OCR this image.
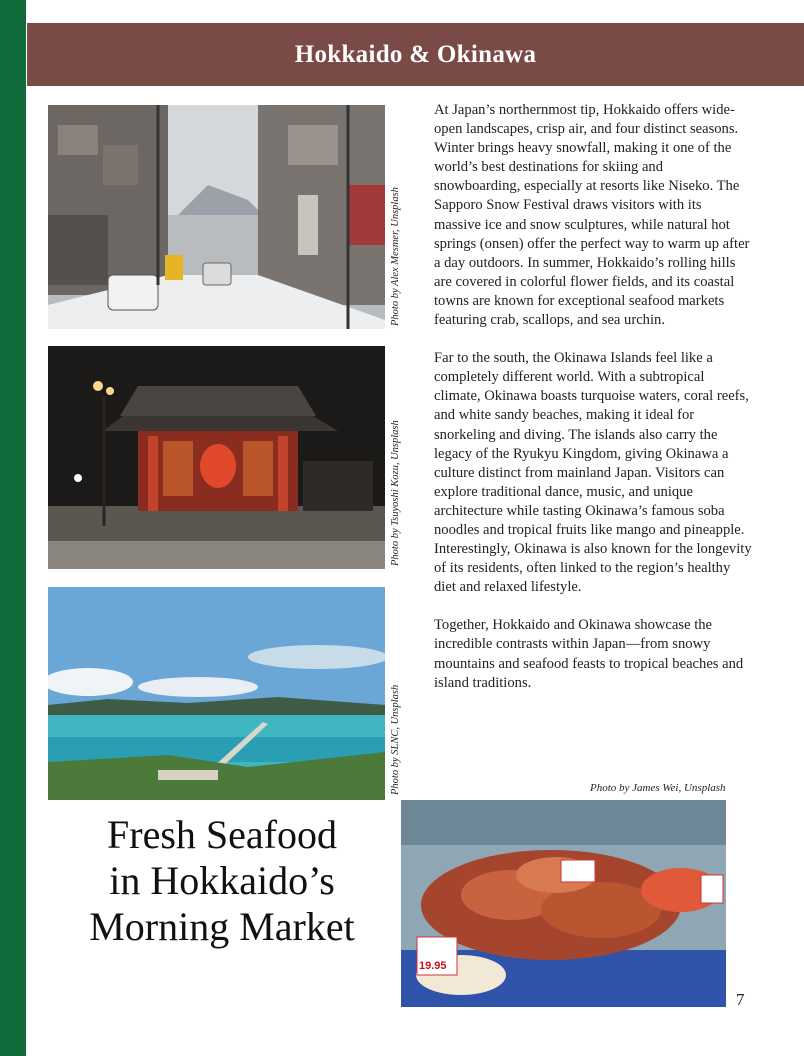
Hokkaido & Okinawa
Photo by Alex Mesmer, Unsplash
Photo by Tsuyoshi Kozu, Unsplash
Photo by SLNC, Unsplash

At Japan’s northernmost tip, Hokkaido offers wide-open landscapes, crisp air, and four distinct seasons. Winter brings heavy snowfall, making it one of the world’s best destinations for skiing and snowboarding, especially at resorts like Niseko. The Sapporo Snow Festival draws visitors with its massive ice and snow sculptures, while natural hot springs (onsen) offer the perfect way to warm up after a day outdoors. In summer, Hokkaido’s rolling hills are covered in colorful flower fields, and its coastal towns are known for exceptional seafood markets featuring crab, scallops, and sea urchin.

Far to the south, the Okinawa Islands feel like a completely different world. With a subtropical climate, Okinawa boasts turquoise waters, coral reefs, and white sandy beaches, making it ideal for snorkeling and diving. The islands also carry the legacy of the Ryukyu Kingdom, giving Okinawa a culture distinct from mainland Japan. Visitors can explore traditional dance, music, and unique architecture while tasting Okinawa’s famous soba noodles and tropical fruits like mango and pineapple. Interestingly, Okinawa is also known for the longevity of its residents, often linked to the region’s healthy diet and relaxed lifestyle.

Together, Hokkaido and Okinawa showcase the incredible contrasts within Japan—from snowy mountains and seafood feasts to tropical beaches and island traditions.

Photo by James Wei, Unsplash
19.95
Fresh Seafood
in Hokkaido’s
Morning Market
7
